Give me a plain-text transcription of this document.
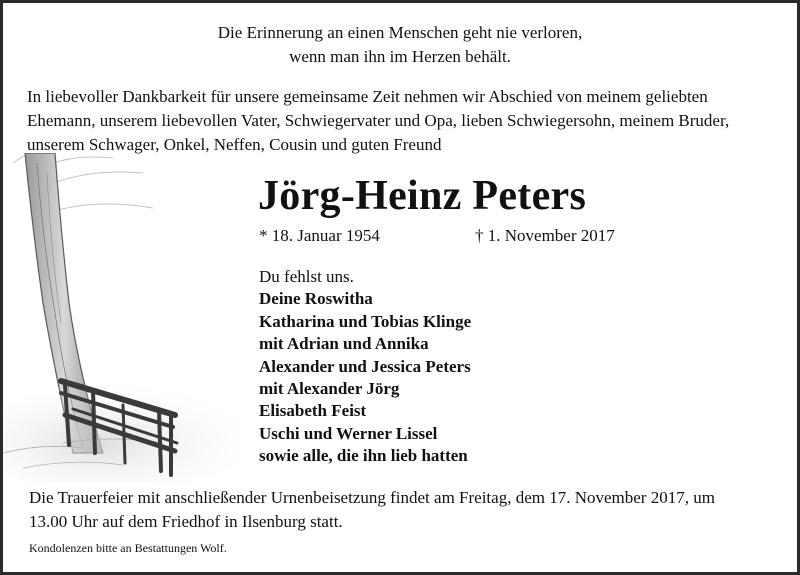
Die Erinnerung an einen Menschen geht nie verloren,
wenn man ihn im Herzen behält.
In liebevoller Dankbarkeit für unsere gemeinsame Zeit nehmen wir Abschied von meinem geliebten
Ehemann, unserem liebevollen Vater, Schwiegervater und Opa, lieben Schwiegersohn, meinem Bruder,
unserem Schwager, Onkel, Neffen, Cousin und guten Freund
Jörg-Heinz Peters
* 18. Januar 1954	† 1. November 2017
Du fehlst uns.
Deine Roswitha
Katharina und Tobias Klinge
mit Adrian und Annika
Alexander und Jessica Peters
mit Alexander Jörg
Elisabeth Feist
Uschi und Werner Lissel
sowie alle, die ihn lieb hatten
Die Trauerfeier mit anschließender Urnenbeisetzung findet am Freitag, dem 17. November 2017, um
13.00 Uhr auf dem Friedhof in Ilsenburg statt.
Kondolenzen bitte an Bestattungen Wolf.
